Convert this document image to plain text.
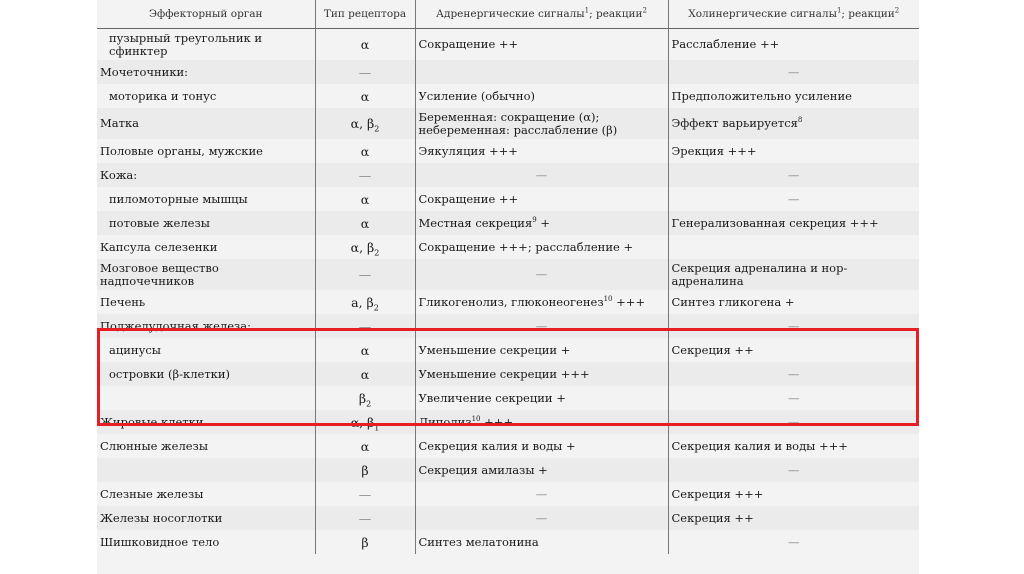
Эффекторный орган	Тип рецептора	Адренергические сигналы$^1$; реакции$^2$	Холинергические сигналы$^1$; реакции$^2$
пузырный треугольник и сфинктер	α	Сокращение ++	Расслабление ++
Мочеточники:	—		—
моторика и тонус	α	Усиление (обычно)	Предположительно усиление
Матка	α, $\beta_2$	Беременная: сокращение (α); небеременная: расслабление (β)	Эффект варьируется$^8$
Половые органы, мужские	α	Эякуляция +++	Эрекция +++
Кожа:	—	—	—
пиломоторные мышцы	α	Сокращение ++	—
потовые железы	α	Местная секреция$^9$ +	Генерализованная секреция +++
Капсула селезенки	α, $\beta_2$	Сокращение +++; расслабление +	
Мозговое вещество надпочечников	—	—	Секреция адреналина и нор-адреналина
Печень	a, $\beta_2$	Гликогенолиз, глюконеогенез$^{10}$ +++	Синтез гликогена +
Поджелудочная железа:	—	—	—
ацинусы	α	Уменьшение секреции +	Секреция ++
островки (β-клетки)	α	Уменьшение секреции +++	—
	$\beta_2$	Увеличение секреции +	—
Жировые клетки	α, $\beta_1$	Липолиз$^{10}$ +++	—
Слюнные железы	α	Секреция калия и воды +	Секреция калия и воды +++
	β	Секреция амилазы +	—
Слезные железы	—	—	Секреция +++
Железы носоглотки	—	—	Секреция ++
Шишковидное тело	β	Синтез мелатонина	—
